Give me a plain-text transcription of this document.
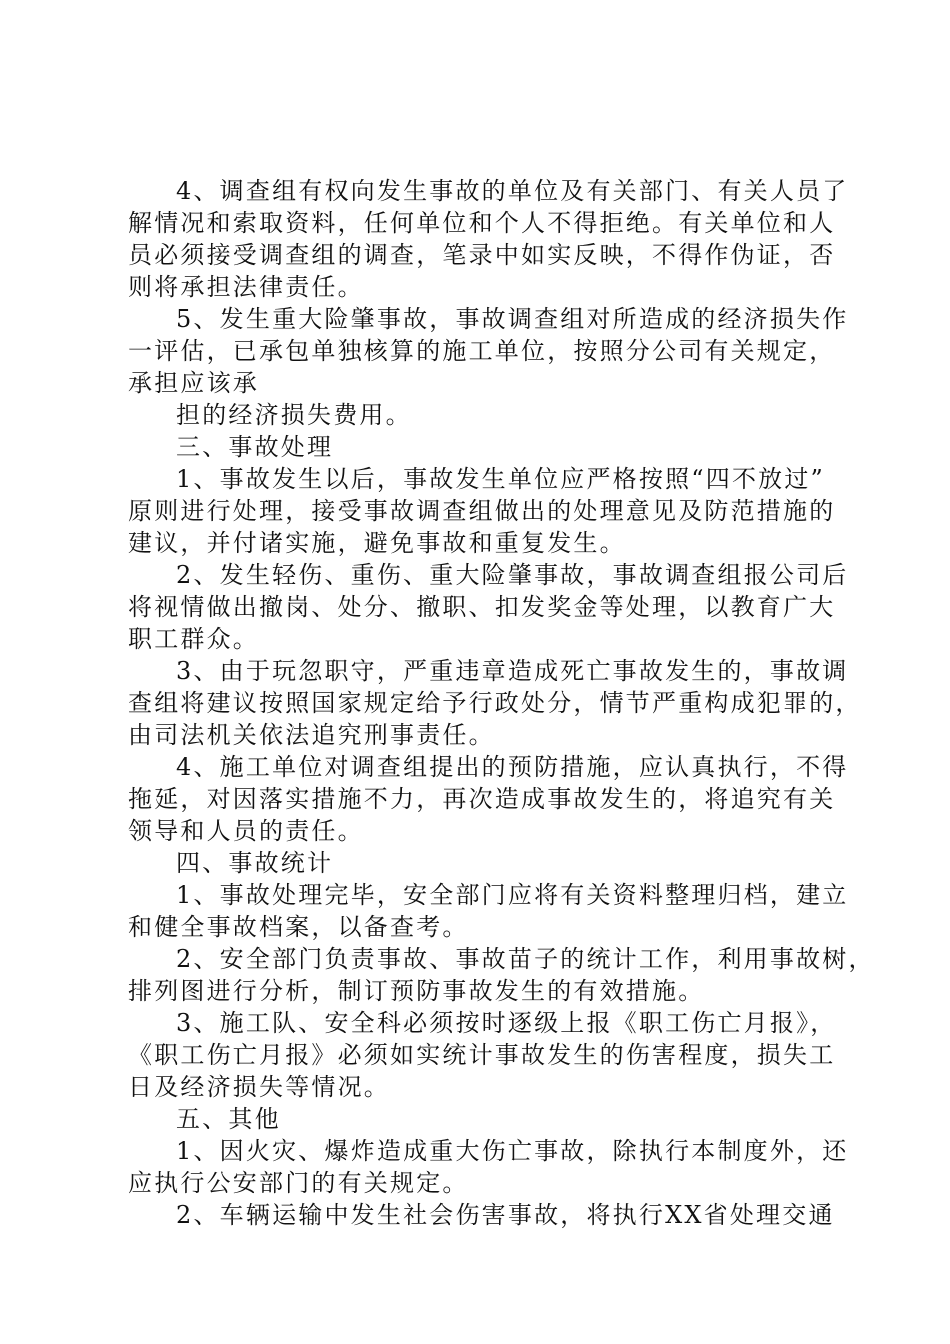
4、调查组有权向发生事故的单位及有关部门、有关人员了
解情况和索取资料，任何单位和个人不得拒绝。有关单位和人
员必须接受调查组的调查，笔录中如实反映，不得作伪证，否
则将承担法律责任。
5、发生重大险肇事故，事故调查组对所造成的经济损失作
一评估，已承包单独核算的施工单位，按照分公司有关规定，
承担应该承
担的经济损失费用。
三、事故处理
1、事故发生以后，事故发生单位应严格按照“四不放过”
原则进行处理，接受事故调查组做出的处理意见及防范措施的
建议，并付诸实施，避免事故和重复发生。
2、发生轻伤、重伤、重大险肇事故，事故调查组报公司后
将视情做出撤岗、处分、撤职、扣发奖金等处理，以教育广大
职工群众。
3、由于玩忽职守，严重违章造成死亡事故发生的，事故调
查组将建议按照国家规定给予行政处分，情节严重构成犯罪的，
由司法机关依法追究刑事责任。
4、施工单位对调查组提出的预防措施，应认真执行，不得
拖延，对因落实措施不力，再次造成事故发生的，将追究有关
领导和人员的责任。
四、事故统计
1、事故处理完毕，安全部门应将有关资料整理归档，建立
和健全事故档案，以备查考。
2、安全部门负责事故、事故苗子的统计工作，利用事故树，
排列图进行分析，制订预防事故发生的有效措施。
3、施工队、安全科必须按时逐级上报《职工伤亡月报》，
《职工伤亡月报》必须如实统计事故发生的伤害程度，损失工
日及经济损失等情况。
五、其他
1、因火灾、爆炸造成重大伤亡事故，除执行本制度外，还
应执行公安部门的有关规定。
2、车辆运输中发生社会伤害事故，将执行XX省处理交通
